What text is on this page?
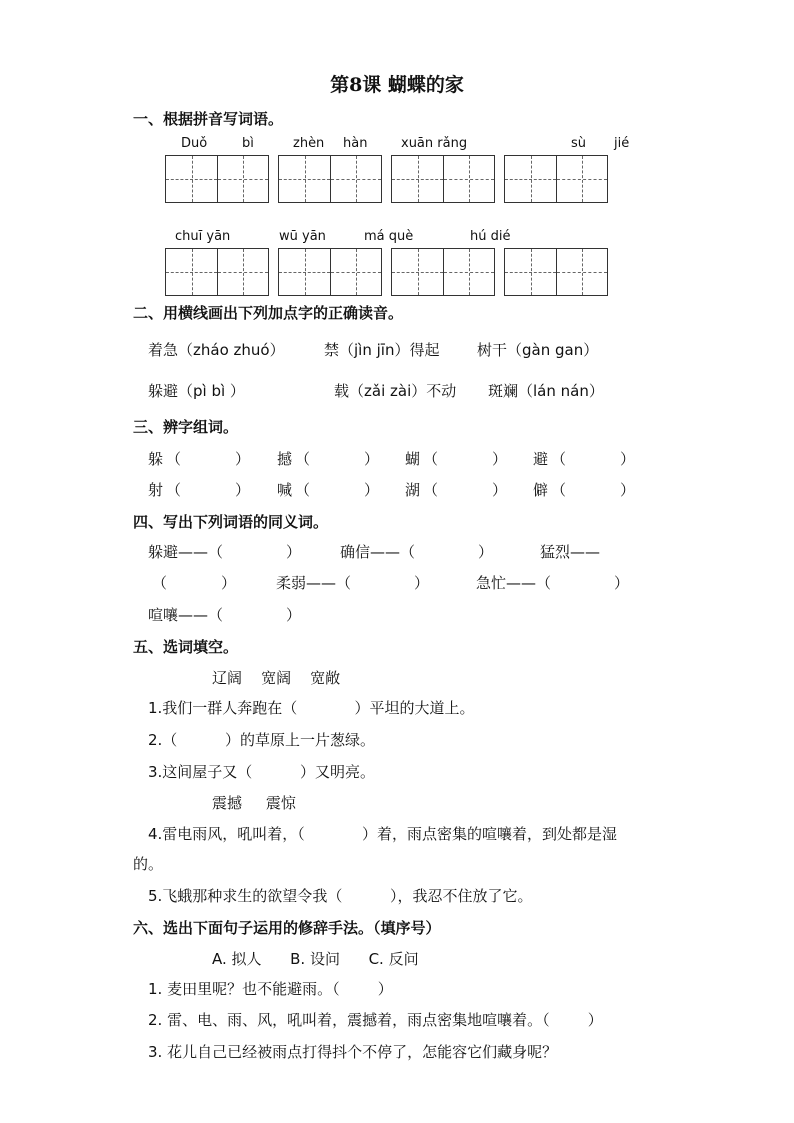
第8课 蝴蝶的家
一、根据拼音写词语。
Duǒ	bì	zhèn hàn	xuān rǎng	sù jié
chuī yān	wū yān	má què	hú dié
二、用横线画出下列加点字的正确读音。
着急（zháo zhuó）	禁（jìn jīn）得起	树干（gàn gan）
躲避（pì bì ）	载（zǎi zài）不动 斑斓（lán nán）
三、辨字组词。
躲 （	） 撼 （	） 蝴 （	） 避 （	）
射 （	） 喊 （	） 湖 （	） 僻 （	）
四、写出下列词语的同义词。
躲避——（	）	确信——（	）	猛烈——
（	）	柔弱——（	）	急忙——（	）
喧嚷——（	）
五、选词填空。
辽阔    宽阔    宽敞
1.我们一群人奔跑在（            ）平坦的大道上。
2.（          ）的草原上一片葱绿。
3.这间屋子又（          ）又明亮。
震撼     震惊
4.雷电雨风，吼叫着，（            ）着，雨点密集的喧嚷着，到处都是湿
的。
5.飞蛾那种求生的欲望令我（          ），我忍不住放了它。
六、选出下面句子运用的修辞手法。（填序号）
A. 拟人      B. 设问      C. 反问
1. 麦田里呢？也不能避雨。（        ）
2. 雷、电、雨、风，吼叫着，震撼着，雨点密集地喧嚷着。（        ）
3. 花儿自己已经被雨点打得抖个不停了，怎能容它们藏身呢？
